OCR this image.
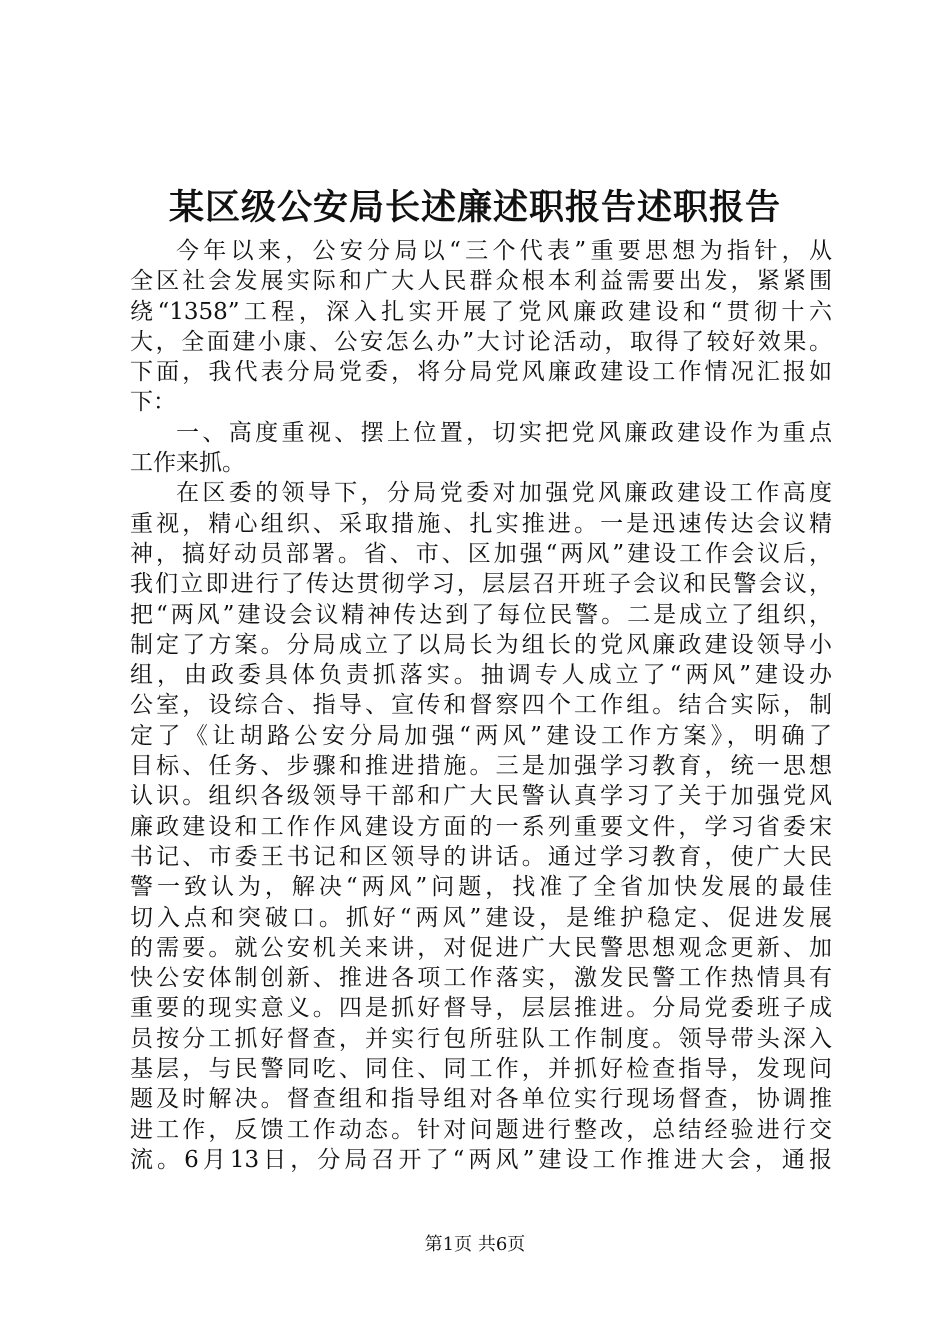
某区级公安局长述廉述职报告述职报告
今年以来，公安分局以“三个代表”重要思想为指针，从
全区社会发展实际和广大人民群众根本利益需要出发，紧紧围
绕“1358”工程，深入扎实开展了党风廉政建设和“贯彻十六
大，全面建小康、公安怎么办”大讨论活动，取得了较好效果。
下面，我代表分局党委，将分局党风廉政建设工作情况汇报如
下：
一、高度重视、摆上位置，切实把党风廉政建设作为重点
工作来抓。
在区委的领导下，分局党委对加强党风廉政建设工作高度
重视，精心组织、采取措施、扎实推进。一是迅速传达会议精
神，搞好动员部署。省、市、区加强“两风”建设工作会议后，
我们立即进行了传达贯彻学习，层层召开班子会议和民警会议，
把“两风”建设会议精神传达到了每位民警。二是成立了组织，
制定了方案。分局成立了以局长为组长的党风廉政建设领导小
组，由政委具体负责抓落实。抽调专人成立了“两风”建设办
公室，设综合、指导、宣传和督察四个工作组。结合实际，制
定了《让胡路公安分局加强“两风”建设工作方案》，明确了
目标、任务、步骤和推进措施。三是加强学习教育，统一思想
认识。组织各级领导干部和广大民警认真学习了关于加强党风
廉政建设和工作作风建设方面的一系列重要文件，学习省委宋
书记、市委王书记和区领导的讲话。通过学习教育，使广大民
警一致认为，解决“两风”问题，找准了全省加快发展的最佳
切入点和突破口。抓好“两风”建设，是维护稳定、促进发展
的需要。就公安机关来讲，对促进广大民警思想观念更新、加
快公安体制创新、推进各项工作落实，激发民警工作热情具有
重要的现实意义。四是抓好督导，层层推进。分局党委班子成
员按分工抓好督查，并实行包所驻队工作制度。领导带头深入
基层，与民警同吃、同住、同工作，并抓好检查指导，发现问
题及时解决。督查组和指导组对各单位实行现场督查，协调推
进工作，反馈工作动态。针对问题进行整改，总结经验进行交
流。6月13日，分局召开了“两风”建设工作推进大会，通报
第1页 共6页
